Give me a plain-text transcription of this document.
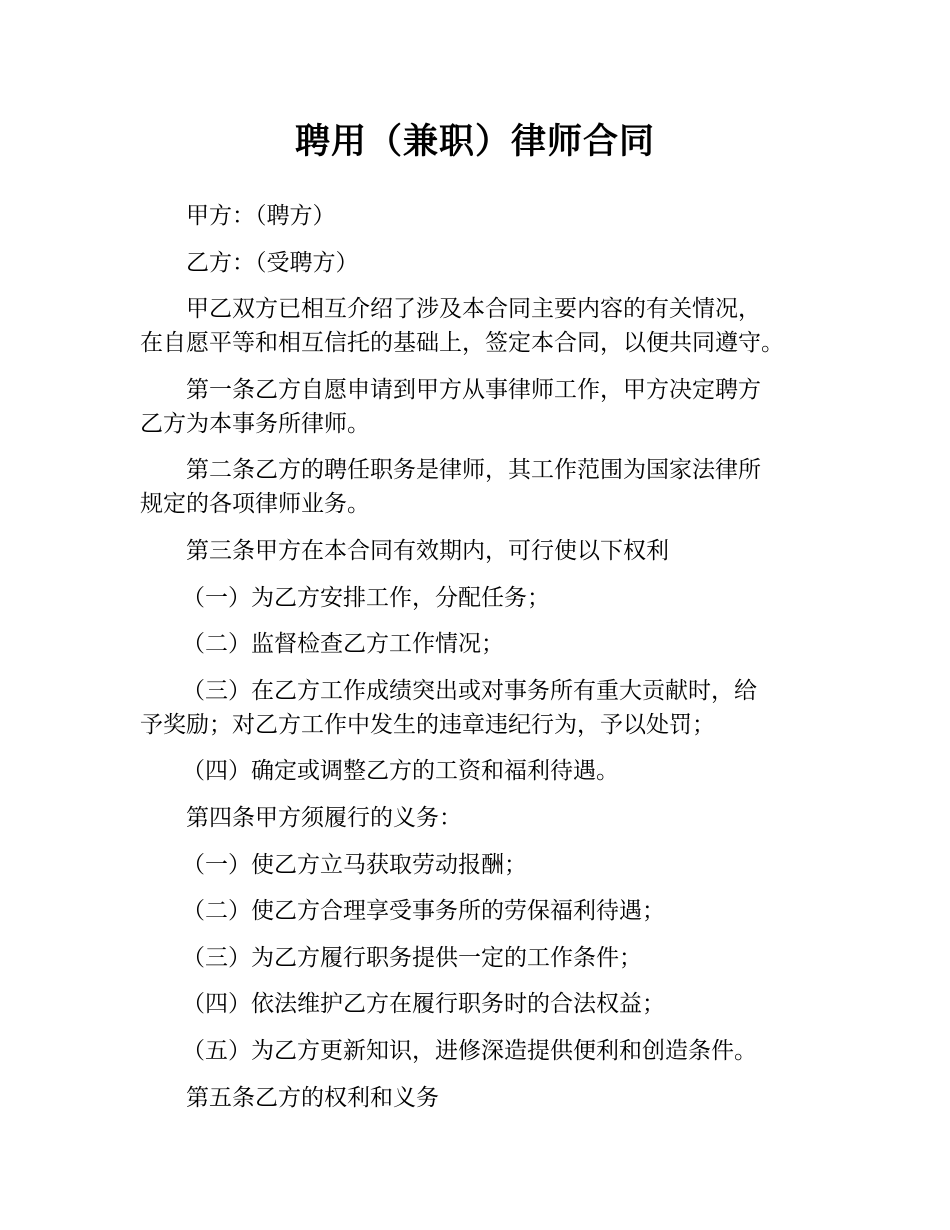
聘用（兼职）律师合同

甲方：（聘方）

乙方：（受聘方）

甲乙双方已相互介绍了涉及本合同主要内容的有关情况，
在自愿平等和相互信托的基础上，签定本合同，以便共同遵守。

第一条乙方自愿申请到甲方从事律师工作，甲方决定聘方
乙方为本事务所律师。

第二条乙方的聘任职务是律师，其工作范围为国家法律所
规定的各项律师业务。

第三条甲方在本合同有效期内，可行使以下权利

（一）为乙方安排工作，分配任务；

（二）监督检查乙方工作情况；

（三）在乙方工作成绩突出或对事务所有重大贡献时，给
予奖励；对乙方工作中发生的违章违纪行为，予以处罚；

（四）确定或调整乙方的工资和福利待遇。

第四条甲方须履行的义务：

（一）使乙方立马获取劳动报酬；

（二）使乙方合理享受事务所的劳保福利待遇；

（三）为乙方履行职务提供一定的工作条件；

（四）依法维护乙方在履行职务时的合法权益；

（五）为乙方更新知识，进修深造提供便利和创造条件。

第五条乙方的权利和义务
